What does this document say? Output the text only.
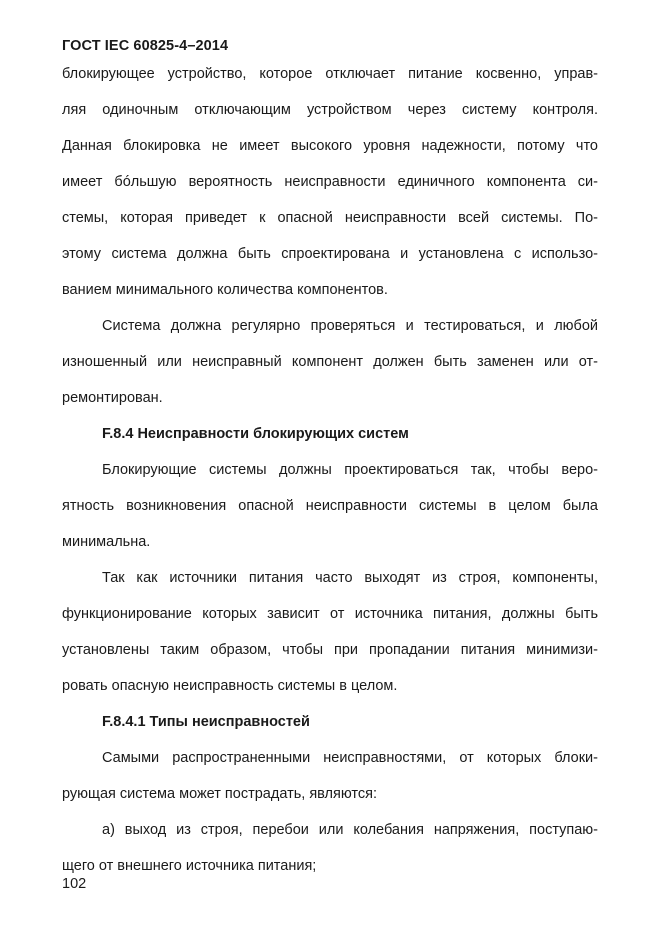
ГОСТ IEC 60825-4–2014
блокирующее устройство, которое отключает питание косвенно, управ-
ляя одиночным отключающим устройством через систему контроля.
Данная блокировка не имеет высокого уровня надежности, потому что
имеет бóльшую вероятность неисправности единичного компонента си-
стемы, которая приведет к опасной неисправности всей системы. По-
этому система должна быть спроектирована и установлена с использо-
ванием минимального количества компонентов.
Система должна регулярно проверяться и тестироваться, и любой
изношенный или неисправный компонент должен быть заменен или от-
ремонтирован.
F.8.4 Неисправности блокирующих систем
Блокирующие системы должны проектироваться так, чтобы веро-
ятность возникновения опасной неисправности системы в целом была
минимальна.
Так как источники питания часто выходят из строя, компоненты,
функционирование которых зависит от источника питания, должны быть
установлены таким образом, чтобы при пропадании питания минимизи-
ровать опасную неисправность системы в целом.
F.8.4.1 Типы неисправностей
Самыми распространенными неисправностями, от которых блоки-
рующая система может пострадать, являются:
а) выход из строя, перебои или колебания напряжения, поступаю-
щего от внешнего источника питания;
102
